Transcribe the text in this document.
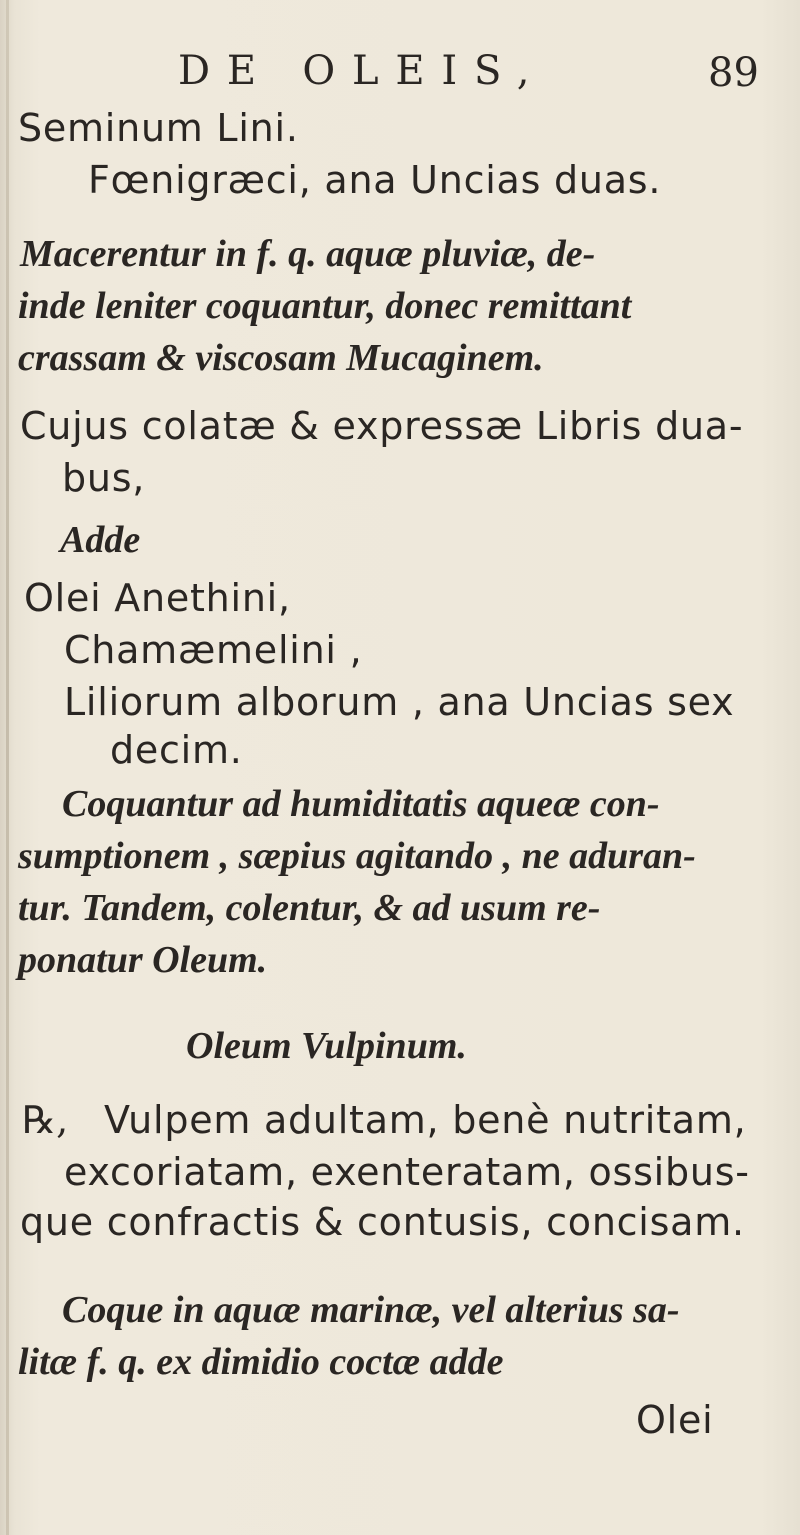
DE OLEIS,	89
Seminum Lini.
Fœnigræci, ana Uncias duas.
Macerentur in f. q. aquæ pluviæ, de-
inde leniter coquantur, donec remittant
crassam & viscosam Mucaginem.
Cujus colatæ & expressæ Libris dua-
bus,
Adde
Olei Anethini,
Chamæmelini ,
Liliorum alborum , ana Uncias sex
decim.
Coquantur ad humiditatis aqueæ con-
sumptionem , sæpius agitando , ne aduran-
tur. Tandem, colentur, & ad usum re-
ponatur Oleum.
Oleum Vulpinum.
℞, Vulpem adultam, benè nutritam,
excoriatam, exenteratam, ossibus-
que confractis & contusis, concisam.
Coque in aquæ marinæ, vel alterius sa-
litæ f. q. ex dimidio coctæ adde
Olei
